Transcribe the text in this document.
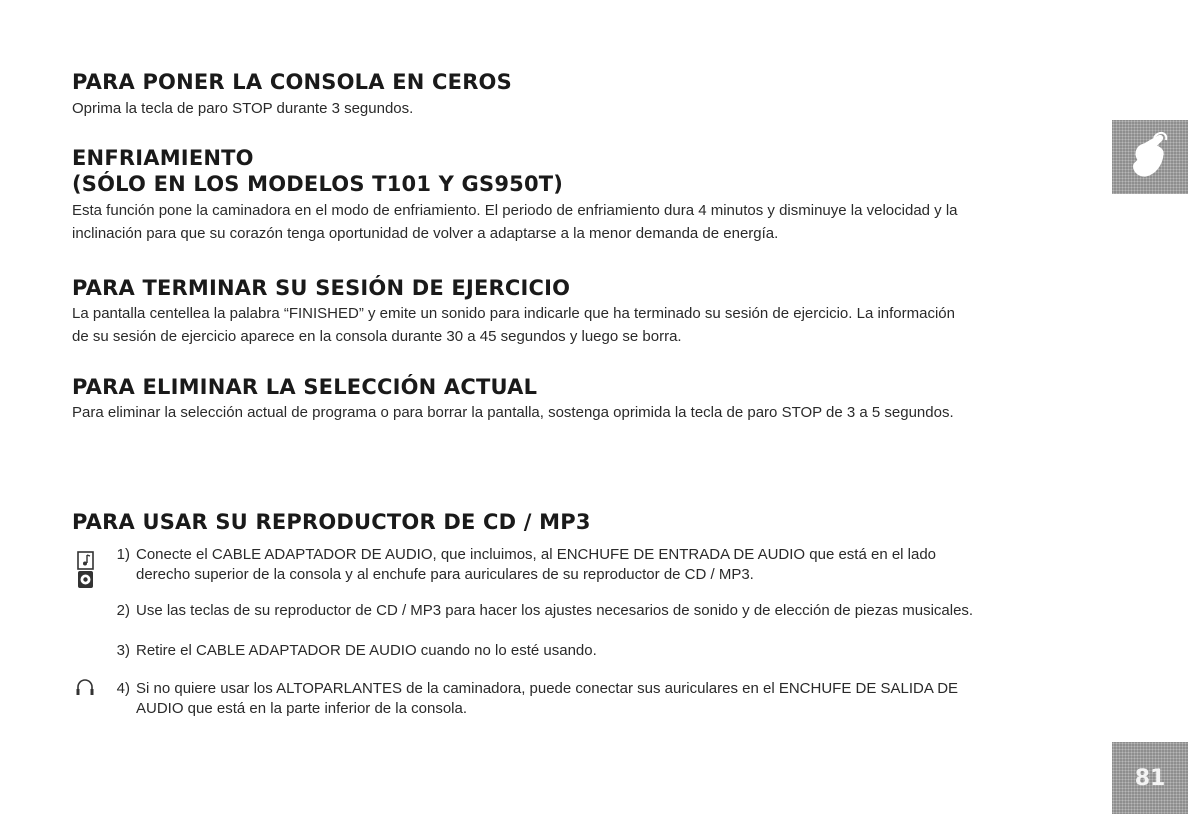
PARA PONER LA CONSOLA EN CEROS

Oprima la tecla de paro STOP durante 3 segundos.

ENFRIAMIENTO
(SÓLO EN LOS MODELOS T101 Y GS950T)

Esta función pone la caminadora en el modo de enfriamiento. El periodo de enfriamiento dura 4 minutos y disminuye la velocidad y la

inclinación para que su corazón tenga oportunidad de volver a adaptarse a la menor demanda de energía.

PARA TERMINAR SU SESIÓN DE EJERCICIO

La pantalla centellea la palabra “FINISHED” y emite un sonido para indicarle que ha terminado su sesión de ejercicio. La información

de su sesión de ejercicio aparece en la consola durante 30 a 45 segundos y luego se borra.

PARA ELIMINAR LA SELECCIÓN ACTUAL

Para eliminar la selección actual de programa o para borrar la pantalla, sostenga oprimida la tecla de paro STOP de 3 a 5 segundos.

PARA USAR SU REPRODUCTOR DE CD / MP3
1) Conecte el CABLE ADAPTADOR DE AUDIO, que incluimos, al ENCHUFE DE ENTRADA DE AUDIO que está en el lado
derecho superior de la consola y al enchufe para auriculares de su reproductor de CD / MP3.
2) Use las teclas de su reproductor de CD / MP3 para hacer los ajustes necesarios de sonido y de elección de piezas musicales.
3) Retire el CABLE ADAPTADOR DE AUDIO cuando no lo esté usando.
4) Si no quiere usar los ALTOPARLANTES de la caminadora, puede conectar sus auriculares en el ENCHUFE DE SALIDA DE
AUDIO que está en la parte inferior de la consola.
81
